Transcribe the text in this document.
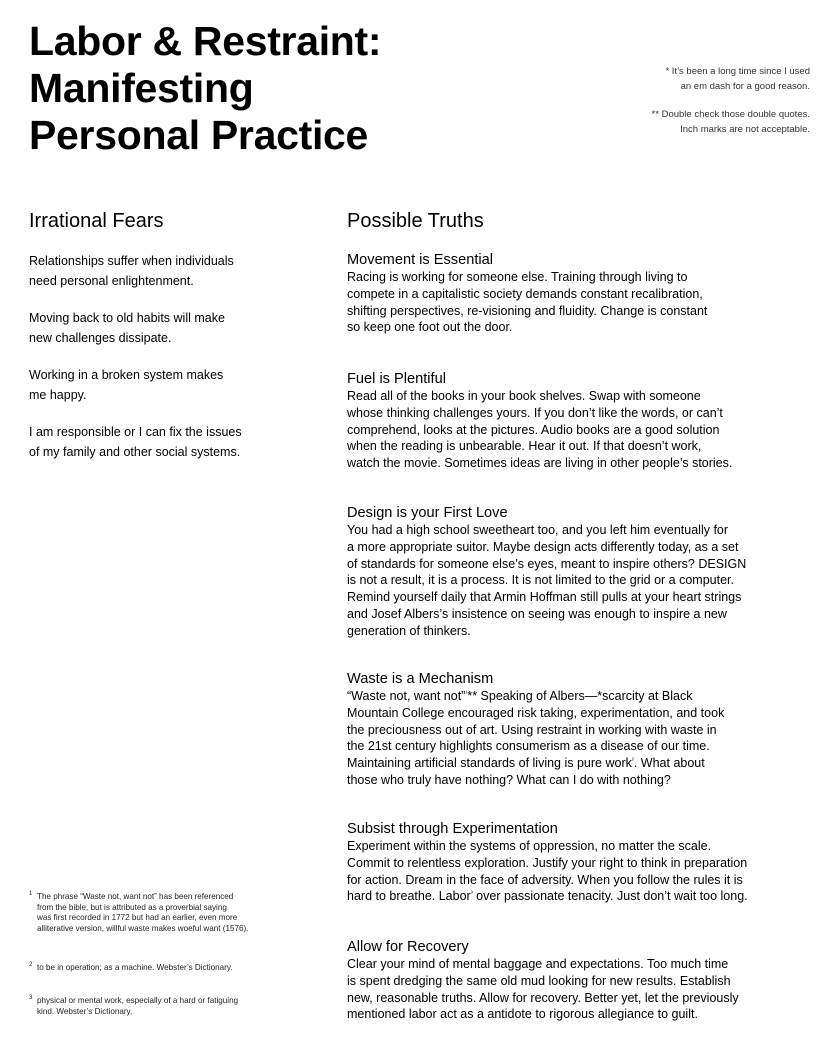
Labor & Restraint:
Manifesting
Personal Practice

* It’s been a long time since I used
an em dash for a good reason.

** Double check those double quotes.
Inch marks are not acceptable.

Irrational Fears	Possible Truths
Relationships suffer when individuals
need personal enlightenment.
Moving back to old habits will make
new challenges dissipate.
Working in a broken system makes
me happy.
I am responsible or I can fix the issues
of my family and other social systems.
Movement is Essential
Racing is working for someone else. Training through living to
compete in a capitalistic society demands constant recalibration,
shifting perspectives, re-visioning and fluidity. Change is constant
so keep one foot out the door.
Fuel is Plentiful
Read all of the books in your book shelves. Swap with someone
whose thinking challenges yours. If you don’t like the words, or can’t
comprehend, looks at the pictures. Audio books are a good solution
when the reading is unbearable. Hear it out. If that doesn’t work,
watch the movie. Sometimes ideas are living in other people’s stories.
Design is your First Love
You had a high school sweetheart too, and you left him eventually for
a more appropriate suitor. Maybe design acts differently today, as a set
of standards for someone else’s eyes, meant to inspire others? DESIGN
is not a result, it is a process. It is not limited to the grid or a computer.
Remind yourself daily that Armin Hoffman still pulls at your heart strings
and Josef Albers’s insistence on seeing was enough to inspire a new
generation of thinkers.
Waste is a Mechanism
“Waste not, want not”$^{^1}$** Speaking of Albers—*scarcity at Black
Mountain College encouraged risk taking, experimentation, and took
the preciousness out of art. Using restraint in working with waste in
the 21st century highlights consumerism as a disease of our time.
Maintaining artificial standards of living is pure work$^{^2}$. What about
those who truly have nothing? What can I do with nothing?
Subsist through Experimentation
Experiment within the systems of oppression, no matter the scale.
Commit to relentless exploration. Justify your right to think in preparation
for action. Dream in the face of adversity. When you follow the rules it is
hard to breathe. Labor$^{^3}$ over passionate tenacity. Just don’t wait too long.
Allow for Recovery
Clear your mind of mental baggage and expectations. Too much time
is spent dredging the same old mud looking for new results. Establish
new, reasonable truths. Allow for recovery. Better yet, let the previously
mentioned labor act as a antidote to rigorous allegiance to guilt.
1 The phrase “Waste not, want not” has been referenced
from the bible, but is attributed as a proverbial saying
was first recorded in 1772 but had an earlier, even more
alliterative version, willful waste makes woeful want (1576).
2 to be in operation; as a machine. Webster’s Dictionary.
3 physical or mental work, especially of a hard or fatiguing
kind. Webster’s Dictionary.
